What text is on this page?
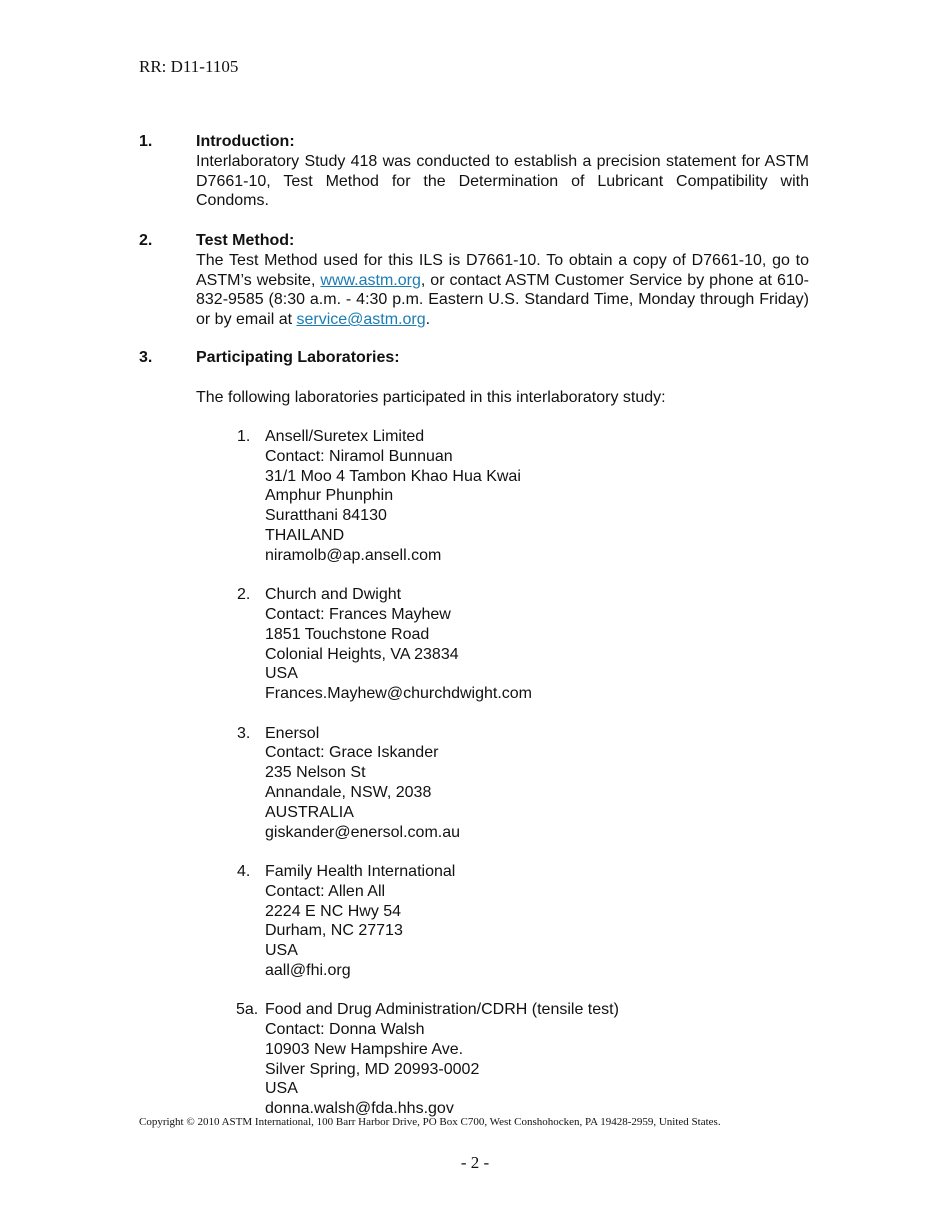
RR: D11-1105
1.	Introduction:
Interlaboratory Study 418 was conducted to establish a precision statement for ASTM D7661-10, Test Method for the Determination of Lubricant Compatibility with Condoms.
2.	Test Method:
The Test Method used for this ILS is D7661-10. To obtain a copy of D7661-10, go to ASTM’s website, www.astm.org, or contact ASTM Customer Service by phone at 610-832-9585 (8:30 a.m. - 4:30 p.m. Eastern U.S. Standard Time, Monday through Friday) or by email at service@astm.org.
3.	Participating Laboratories:
The following laboratories participated in this interlaboratory study:
1. Ansell/Suretex Limited
Contact: Niramol Bunnuan
31/1 Moo 4 Tambon Khao Hua Kwai
Amphur Phunphin
Suratthani 84130
THAILAND
niramolb@ap.ansell.com
2. Church and Dwight
Contact: Frances Mayhew
1851 Touchstone Road
Colonial Heights, VA 23834
USA
Frances.Mayhew@churchdwight.com
3. Enersol
Contact: Grace Iskander
235 Nelson St
Annandale, NSW, 2038
AUSTRALIA
giskander@enersol.com.au
4. Family Health International
Contact: Allen All
2224 E NC Hwy 54
Durham, NC 27713
USA
aall@fhi.org
5a. Food and Drug Administration/CDRH (tensile test)
Contact: Donna Walsh
10903 New Hampshire Ave.
Silver Spring, MD 20993-0002
USA
donna.walsh@fda.hhs.gov
Copyright © 2010 ASTM International, 100 Barr Harbor Drive, PO Box C700, West Conshohocken, PA 19428-2959, United States.
- 2 -
